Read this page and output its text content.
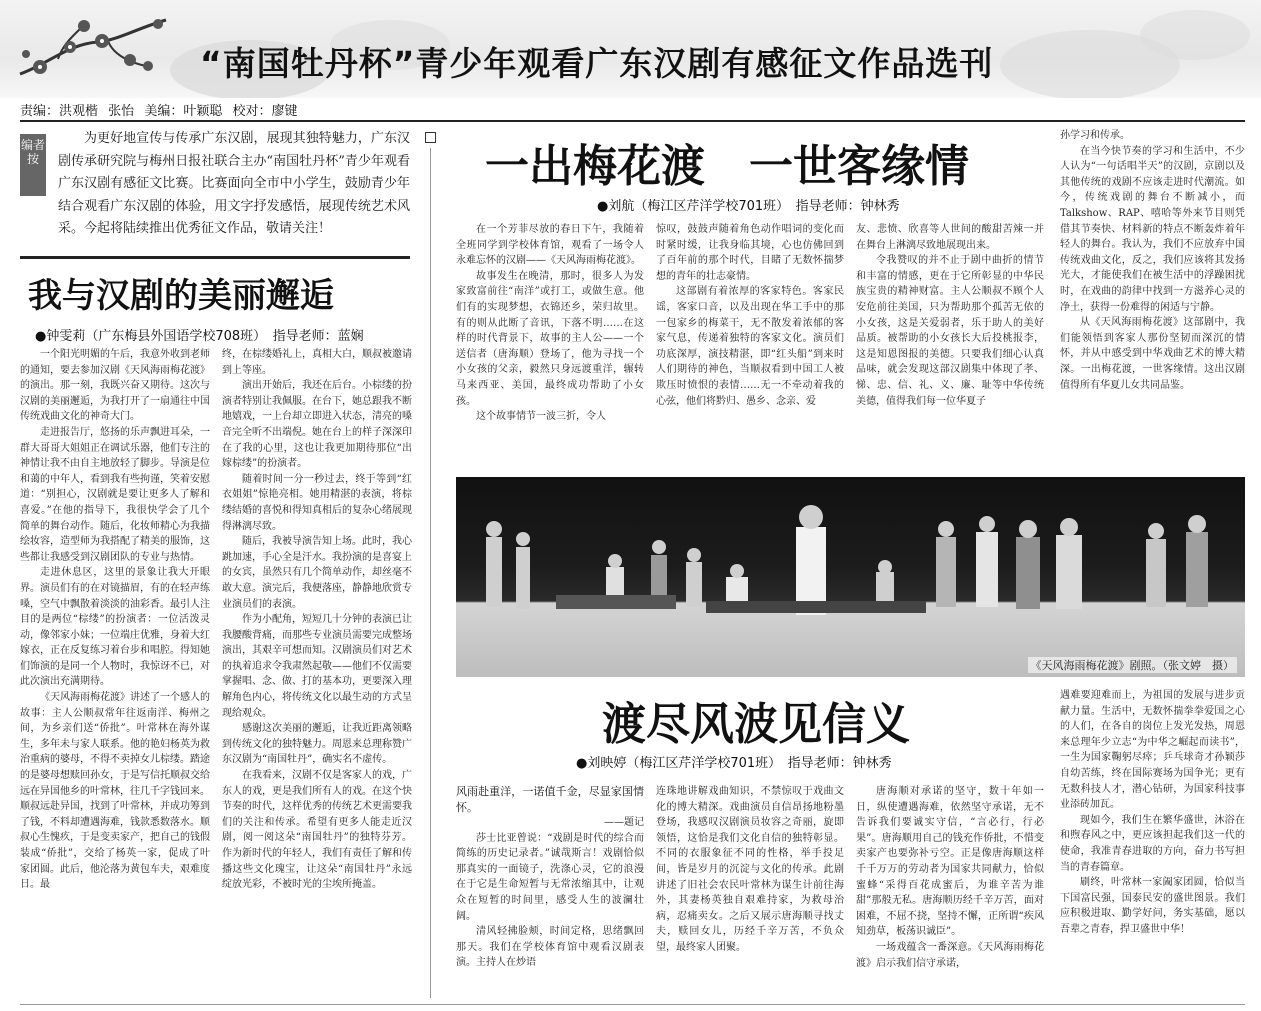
“南国牡丹杯”青少年观看广东汉剧有感征文作品选刊
责编：洪观楷 张怡 美编：叶颖聪 校对：廖键
编者按
为更好地宣传与传承广东汉剧，展现其独特魅力，广东汉剧传承研究院与梅州日报社联合主办“南国牡丹杯”青少年观看广东汉剧有感征文比赛。比赛面向全市中小学生，鼓励青少年结合观看广东汉剧的体验，用文字抒发感悟，展现传统艺术风采。今起将陆续推出优秀征文作品，敬请关注！
我与汉剧的美丽邂逅
●钟雯莉（广东梅县外国语学校708班）　指导老师：蓝娴

一个阳光明媚的午后，我意外收到老师的通知，要去参加汉剧《天风海雨梅花渡》的演出。那一刻，我既兴奋又期待。这次与汉剧的美丽邂逅，为我打开了一扇通往中国传统戏曲文化的神奇大门。

走进报告厅，悠扬的乐声飘进耳朵，一群大哥哥大姐姐正在调试乐器，他们专注的神情让我不由自主地放轻了脚步。导演是位和蔼的中年人，看到我有些拘谨，笑着安慰道：“别担心，汉剧就是要让更多人了解和喜爱。”在他的指导下，我很快学会了几个简单的舞台动作。随后，化妆师精心为我描绘妆容，造型师为我搭配了精美的服饰，这些都让我感受到汉剧团队的专业与热情。

走进休息区，这里的景象让我大开眼界。演员们有的在对镜描眉，有的在轻声练嗓，空气中飘散着淡淡的油彩香。最引人注目的是两位“棕缕”的扮演者：一位活泼灵动，像邻家小妹；一位端庄优雅，身着大红嫁衣，正在反复练习着台步和唱腔。得知她们饰演的是同一个人物时，我惊讶不已，对此次演出充满期待。

《天风海雨梅花渡》讲述了一个感人的故事：主人公顺叔常年往返南洋、梅州之间，为乡亲们送“侨批”。叶常林在海外谋生，多年未与家人联系。他的艳妇杨英为救治重病的婆母，不得不卖掉女儿棕缕。踏途的是婆母想赎回孙女，于是写信托顺叔交给远在异国他乡的叶常林，往几千字钱回来。顺叔远赴异国，找到了叶常林，并成功筹到了钱，不料却遭遇海难，钱款悉数落水。顺叔心生愧疚，于是变卖家产，把自己的钱假装成“侨批”，交给了杨英一家，促成了叶家团圆。此后，他沦落为黄包车夫，艰难度日。最

终，在棕缕婚礼上，真相大白，顺叔被邀请到上等座。

演出开始后，我还在后台。小棕缕的扮演者特别让我佩服。在台下，她总跟我不断地嬉戏，一上台却立即进入状态，清亮的嗓音完全听不出端倪。她在台上的样子深深印在了我的心里，这也让我更加期待那位“出嫁棕缕”的扮演者。

随着时间一分一秒过去，终于等到“红衣姐姐”惊艳亮相。她用精湛的表演，将棕缕结婚的喜悦和得知真相后的复杂心绪展现得淋漓尽致。

随后，我被导演告知上场。此时，我心跳加速，手心全是汗水。我扮演的是喜宴上的女宾，虽然只有几个简单动作，却丝毫不敢大意。演完后，我便落座，静静地欣赏专业演员们的表演。

作为小配角，短短几十分钟的表演已让我腰酸背痛，而那些专业演员需要完成整场演出，其艰辛可想而知。汉剧演员们对艺术的执着追求令我肃然起敬——他们不仅需要掌握唱、念、做、打的基本功，更要深入理解角色内心，将传统文化以最生动的方式呈现给观众。

感谢这次美丽的邂逅，让我近距离领略到传统文化的独特魅力。周恩来总理称赞广东汉剧为“南国牡丹”，确实名不虚传。

在我看来，汉剧不仅是客家人的戏，广东人的戏，更是我们所有人的戏。在这个快节奏的时代，这样优秀的传统艺术更需要我们的关注和传承。希望有更多人能走近汉剧，阅一阅这朵“南国牡丹”的独特芬芳。作为新时代的年轻人，我们有责任了解和传播这些文化瑰宝，让这朵“南国牡丹”永远绽放光彩，不被时光的尘埃所掩盖。

一出梅花渡　一世客缘情
●刘航（梅江区芹洋学校701班）　指导老师：钟林秀

在一个芳菲尽放的春日下午，我随着全班同学到学校体育馆，观看了一场令人永难忘怀的汉剧——《天风海雨梅花渡》。

故事发生在晚清，那时，很多人为发家致富前往“南洋”或打工，或做生意。他们有的实现梦想，衣锦还乡，荣归故里。有的则从此断了音讯，下落不明……在这样的时代背景下，故事的主人公——一个送信者（唐海顺）登场了，他为寻找一个小女孩的父亲，毅然只身远渡重洋，辗转马来西亚、美国，最终成功帮助了小女孩。

这个故事情节一波三折，令人

惊叹，鼓鼓声随着角色动作唱词的变化而时紧时缓，让我身临其境，心也仿佛回到了百年前的那个时代，目睹了无数怀揣梦想的青年的壮志豪情。

这部剧有着浓厚的客家特色。客家民谣，客家口音，以及出现在华工手中的那一包家乡的梅菜干，无不散发着浓郁的客家气息，传递着独特的客家文化。演员们功底深厚，演技精湛，即“红头船”到来时人们期待的神色，当顺叔看到中国工人被欺压时愤恨的表情……无一不牵动着我的心弦，他们将黔归、愚乡、念亲、爱

友、悲愤、欣喜等人世间的酸甜苦辣一并在舞台上淋漓尽致地展现出来。

令我赞叹的并不止于剧中曲折的情节和丰富的情感，更在于它所彰显的中华民族宝贵的精神财富。主人公顺叔不顾个人安危前往美国，只为帮助那个孤苦无依的小女孩，这是关爱弱者，乐于助人的美好品质。被帮助的小女孩长大后投桃报李，这是知恩图报的美德。只要我们细心认真品味，就会发现这部汉剧集中体现了孝、悌、忠、信、礼、义、廉、耻等中华传统美德，值得我们每一位华夏子

孙学习和传承。

在当今快节奏的学习和生活中，不少人认为“一句话唱半天”的汉剧，京剧以及其他传统的戏剧不应该走进时代潮流。如今，传统戏剧的舞台不断减小，而Talkshow、RAP、嘻哈等外来节目则凭借其节奏快、材料新的特点不断轰炸着年轻人的舞台。我认为，我们不应放弃中国传统戏曲文化，反之，我们应该将其发扬光大，才能使我们在被生活中的浮躁困扰时，在戏曲的韵律中找到一方滋养心灵的净土，获得一份难得的闲适与宁静。

从《天风海雨梅花渡》这部剧中，我们能领悟到客家人那份坚韧而深沉的情怀，并从中感受到中华戏曲艺术的博大精深。一出梅花渡，一世客缘情。这出汉剧值得所有华夏儿女共同品鉴。

《天风海雨梅花渡》剧照。（张文婷　摄）
渡尽风波见信义
●刘映婷（梅江区芹洋学校701班）　指导老师：钟林秀
风雨赴重洋，一诺值千金，尽显家国情怀。

——题记

莎士比亚曾说：“戏剧是时代的综合而简练的历史记录者。”诚哉斯言！戏剧恰似那真实的一面镜子，洗涤心灵，它的浪漫在于它是生命短暂与无常浓缩其中，让观众在短暂的时间里，感受人生的波澜壮阔。

清风轻拂脸颊，时间定格，思绪飘回那天。我们在学校体育馆中观看汉剧表演。主持人在炒语

连珠地讲解戏曲知识，不禁惊叹于戏曲文化的博大精深。戏曲演员自信昂扬地粉墨登场，我感叹汉剧演员妆容之奇丽，旋即领悟，这恰是我们文化自信的独特彰显。不同的衣服象征不同的性格，举手投足间，皆是岁月的沉淀与文化的传承。此剧讲述了旧社会农民叶常林为谋生计前往海外，其妻杨英独自艰难持家，为救母治病，忍痛卖女。之后又展示唐海顺寻找丈夫，赎回女儿，历经千辛万苦，不负众望，最终家人团聚。

唐海顺对承诺的坚守，数十年如一日，纵使遭遇海难，依然坚守承诺，无不告诉我们要诚实守信，“言必行，行必果”。唐海顺用自己的钱充作侨批，不惜变卖家产也要弥补亏空。正是像唐海顺这样千千万万的劳动者为国家共同献力，恰似蜜蜂“采得百花成蜜后，为谁辛苦为谁甜”那般无私。唐海顺历经千辛万苦，面对困难，不屈不挠，坚持不懈，正所谓“疾风知劲草，板荡识诚臣”。

一场戏蕴含一番深意。《天风海雨梅花渡》启示我们信守承诺，

遇难要迎难而上，为祖国的发展与进步贡献力量。生活中，无数怀揣拳拳爱国之心的人们，在各自的岗位上发光发热，周恩来总理年少立志“为中华之崛起而读书”，一生为国家鞠躬尽瘁；乒乓球奇才孙颖莎自幼苦练，终在国际赛场为国争光；更有无数科技人才，潜心钻研，为国家科技事业添砖加瓦。

现如今，我们生在繁华盛世，沐浴在和煦春风之中，更应该担起我们这一代的使命，我准青春进取的方向，奋力书写担当的青春篇章。

刷终，叶常林一家阖家团圆，恰似当下国富民强，国泰民安的盛世图景。我们应积极进取、勤学好问，务实基础，愿以吾辈之青春，捍卫盛世中华！
